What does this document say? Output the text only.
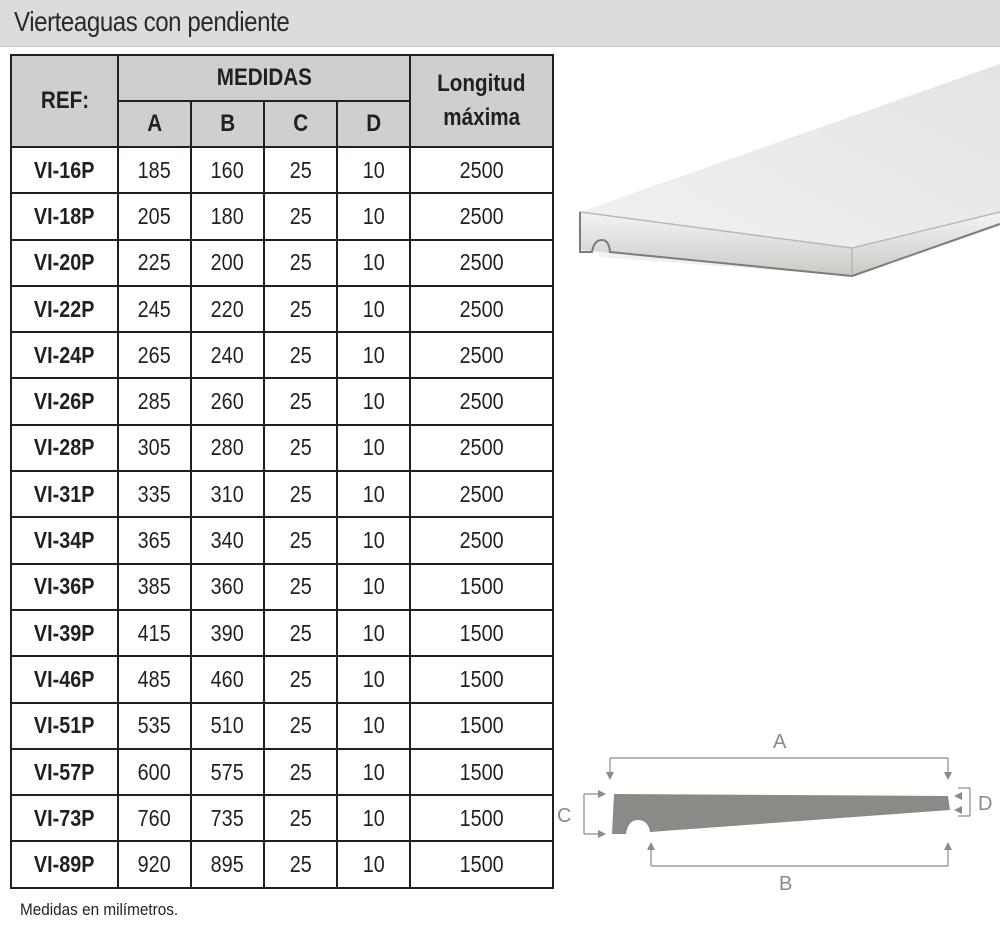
Vierteaguas con pendiente
REF:	MEDIDAS				Longitud
máxima
	A	B	C	D	
VI-16P	185	160	25	10	2500
VI-18P	205	180	25	10	2500
VI-20P	225	200	25	10	2500
VI-22P	245	220	25	10	2500
VI-24P	265	240	25	10	2500
VI-26P	285	260	25	10	2500
VI-28P	305	280	25	10	2500
VI-31P	335	310	25	10	2500
VI-34P	365	340	25	10	2500
VI-36P	385	360	25	10	1500
VI-39P	415	390	25	10	1500
VI-46P	485	460	25	10	1500
VI-51P	535	510	25	10	1500
VI-57P	600	575	25	10	1500
VI-73P	760	735	25	10	1500
VI-89P	920	895	25	10	1500
Medidas en milímetros.
A
B
C
D
